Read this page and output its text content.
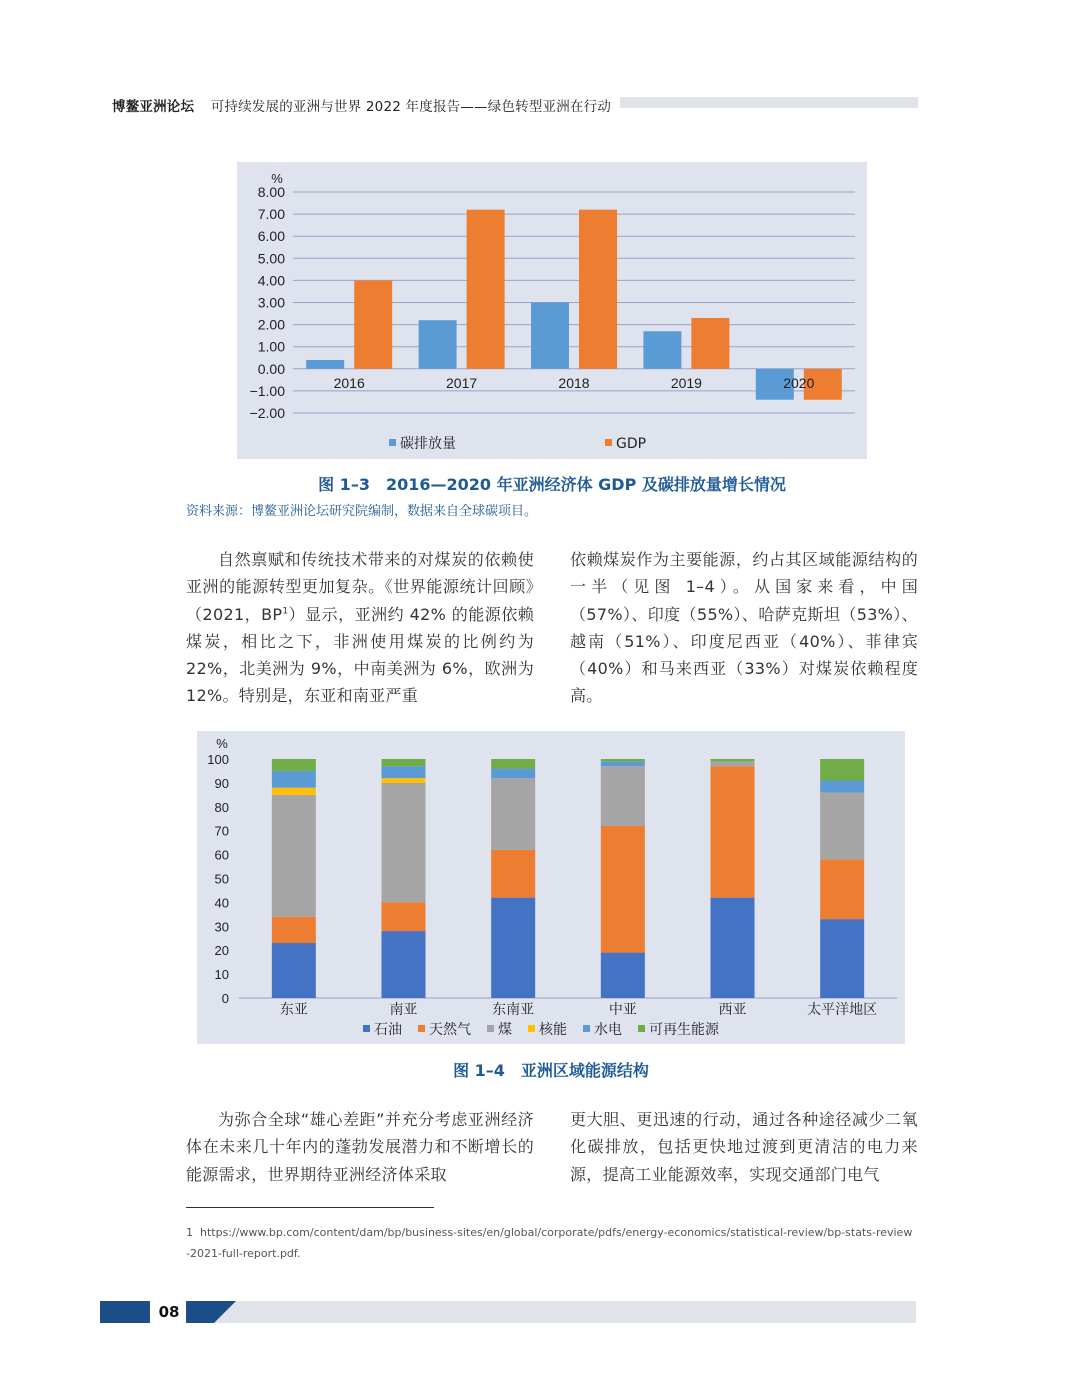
博鳌亚洲论坛 可持续发展的亚洲与世界 2022 年度报告——绿色转型亚洲在行动
8.00
7.00
6.00
5.00
4.00
3.00
2.00
1.00
0.00
−1.00
−2.00
%
2016	2017	2018	2019	2020
碳排放量	GDP
图 1–3　2016—2020 年亚洲经济体 GDP 及碳排放量增长情况
资料来源：博鳌亚洲论坛研究院编制，数据来自全球碳项目。

自然禀赋和传统技术带来的对煤炭的依赖使亚洲的能源转型更加复杂。《世界能源统计回顾》（2021，$BP^1$）显示，亚洲约 42% 的能源依赖煤炭，相比之下，非洲使用煤炭的比例约为 22%，北美洲为 9%，中南美洲为 6%，欧洲为 12%。特别是，东亚和南亚严重

依赖煤炭作为主要能源，约占其区域能源结构的一半（见图 1–4）。从国家来看，中国（57%）、印度（55%）、哈萨克斯坦（53%）、越南（51%）、印度尼西亚（40%）、菲律宾（40%）和马来西亚（33%）对煤炭依赖程度高。

100
90
80
70
60
50
40
30
20
10
0
%
东亚	南亚	东南亚	中亚	西亚	太平洋地区
石油 天然气 煤 核能 水电 可再生能源
图 1–4　亚洲区域能源结构

为弥合全球“雄心差距”并充分考虑亚洲经济体在未来几十年内的蓬勃发展潜力和不断增长的能源需求，世界期待亚洲经济体采取

更大胆、更迅速的行动，通过各种途径减少二氧化碳排放，包括更快地过渡到更清洁的电力来源，提高工业能源效率，实现交通部门电气

1 https://www.bp.com/content/dam/bp/business-sites/en/global/corporate/pdfs/energy-economics/statistical-review/bp-stats-review-2021-full-report.pdf.
08
